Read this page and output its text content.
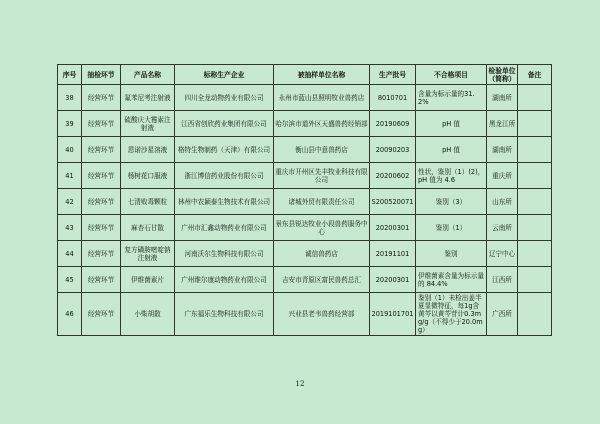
序号	抽检环节	产品名称	标称生产企业	被抽样单位名称	生产批号	不合格项目	检验单位（简称）	备注
38	经营环节	氟苯尼考注射液	四川全龙动物药业有限公司	永州市蓝山县照明牧业兽药店	8010701	含量为标示量的31.2%	湖南所	
39	经营环节	硫酸庆大霉素注射液	江西省创欣药业集团有限公司	哈尔滨市道外区天盛兽药经销部	20190609	pH 值	黑龙江所	
40	经营环节	恩诺沙星溶液	格特生物制药（天津）有限公司	衡山县中意兽药店	20090203	pH 值	湖南所	
41	经营环节	杨树花口服液	浙江博信药业股份有限公司	重庆市开州区先丰牧业科技有限公司	20200602	性状，鉴别（1）(2)，pH 值为 4.6	重庆所	
42	经营环节	七清败毒颗粒	林州中农颖泰生物技术有限公司	诸城外贸有限责任公司	S200520071	鉴别（3）	山东所	
43	经营环节	麻杏石甘散	广州市汇鑫动物药业有限公司	景东县锐达牧业小段兽药服务中心	20200301	鉴别（1）	云南所	
44	经营环节	复方磺胺嘧啶钠注射液	河南沃尔生物科技有限公司	诚信兽药店	20191101	鉴别	辽宁中心	
45	经营环节	伊维菌素片	广州维尔康动物药业有限公司	吉安市青原区富民兽药总汇	20200301	伊维菌素含量为标示量的 84.4%	江西所	
46	经营环节	小柴胡散	广东福乐生物科技有限公司	兴业县老韦兽药经营部	2019101701	鉴别（1）未检出姜半夏显微特征，每1g含 黄芩以黄芩苷计0.3mg/g（不得少于20.0mg）	广西所	
12
